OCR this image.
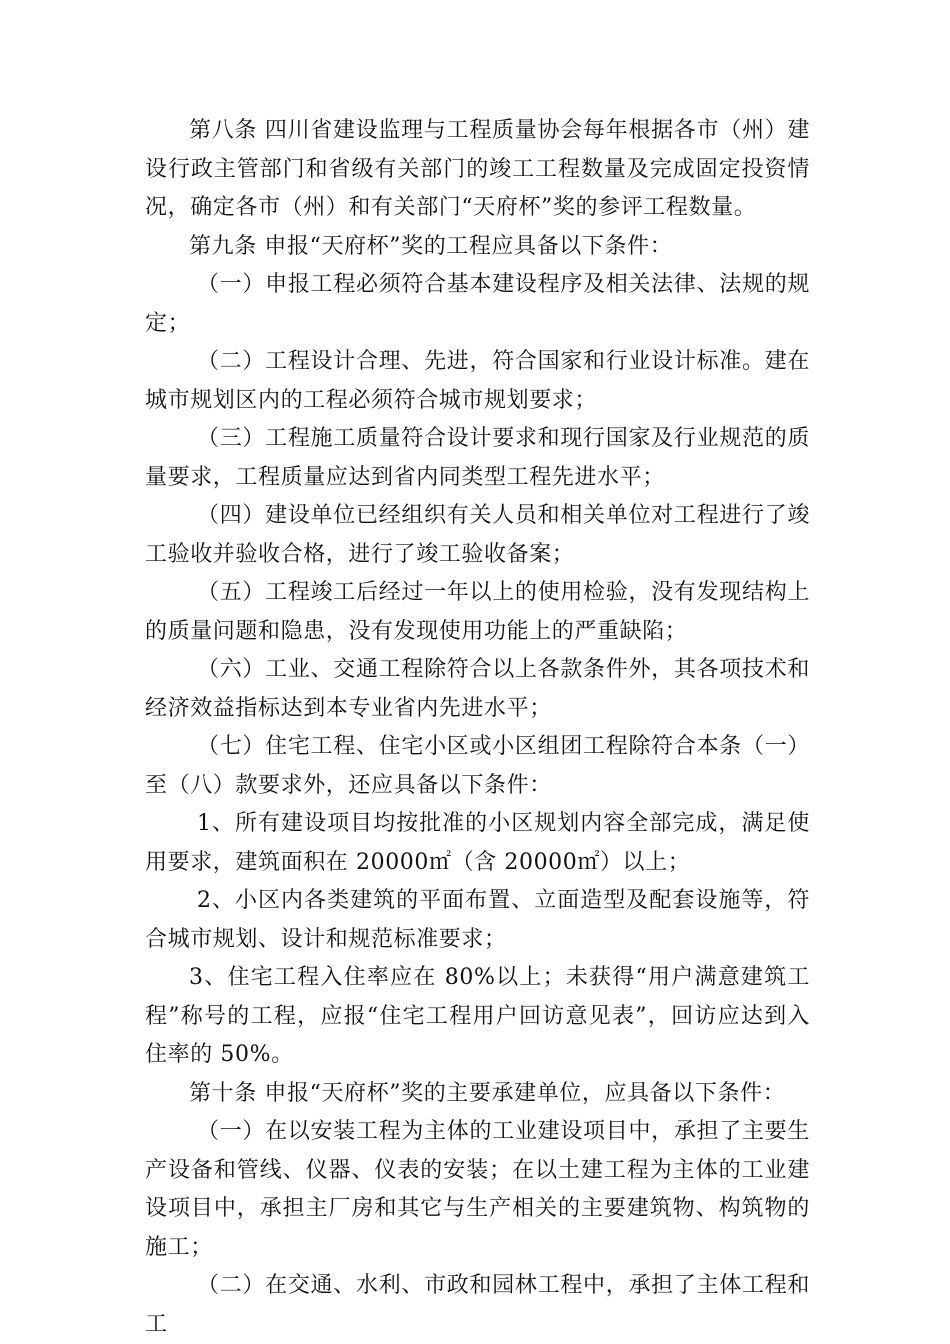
第八条 四川省建设监理与工程质量协会每年根据各市（州）建设行政主管部门和省级有关部门的竣工工程数量及完成固定投资情况，确定各市（州）和有关部门“天府杯”奖的参评工程数量。

第九条 申报“天府杯”奖的工程应具备以下条件：

（一）申报工程必须符合基本建设程序及相关法律、法规的规定；

（二）工程设计合理、先进，符合国家和行业设计标准。建在城市规划区内的工程必须符合城市规划要求；

（三）工程施工质量符合设计要求和现行国家及行业规范的质量要求，工程质量应达到省内同类型工程先进水平；

（四）建设单位已经组织有关人员和相关单位对工程进行了竣工验收并验收合格，进行了竣工验收备案；

（五）工程竣工后经过一年以上的使用检验，没有发现结构上的质量问题和隐患，没有发现使用功能上的严重缺陷；

（六）工业、交通工程除符合以上各款条件外，其各项技术和经济效益指标达到本专业省内先进水平；

（七）住宅工程、住宅小区或小区组团工程除符合本条（一）至（八）款要求外，还应具备以下条件：

1、所有建设项目均按批准的小区规划内容全部完成，满足使用要求，建筑面积在 20000㎡（含 20000㎡）以上；

2、小区内各类建筑的平面布置、立面造型及配套设施等，符合城市规划、设计和规范标准要求；

3、住宅工程入住率应在 80%以上；未获得“用户满意建筑工程”称号的工程，应报“住宅工程用户回访意见表”，回访应达到入住率的 50%。

第十条 申报“天府杯”奖的主要承建单位，应具备以下条件：

（一）在以安装工程为主体的工业建设项目中，承担了主要生产设备和管线、仪器、仪表的安装；在以土建工程为主体的工业建设项目中，承担主厂房和其它与生产相关的主要建筑物、构筑物的施工；

（二）在交通、水利、市政和园林工程中，承担了主体工程和工
